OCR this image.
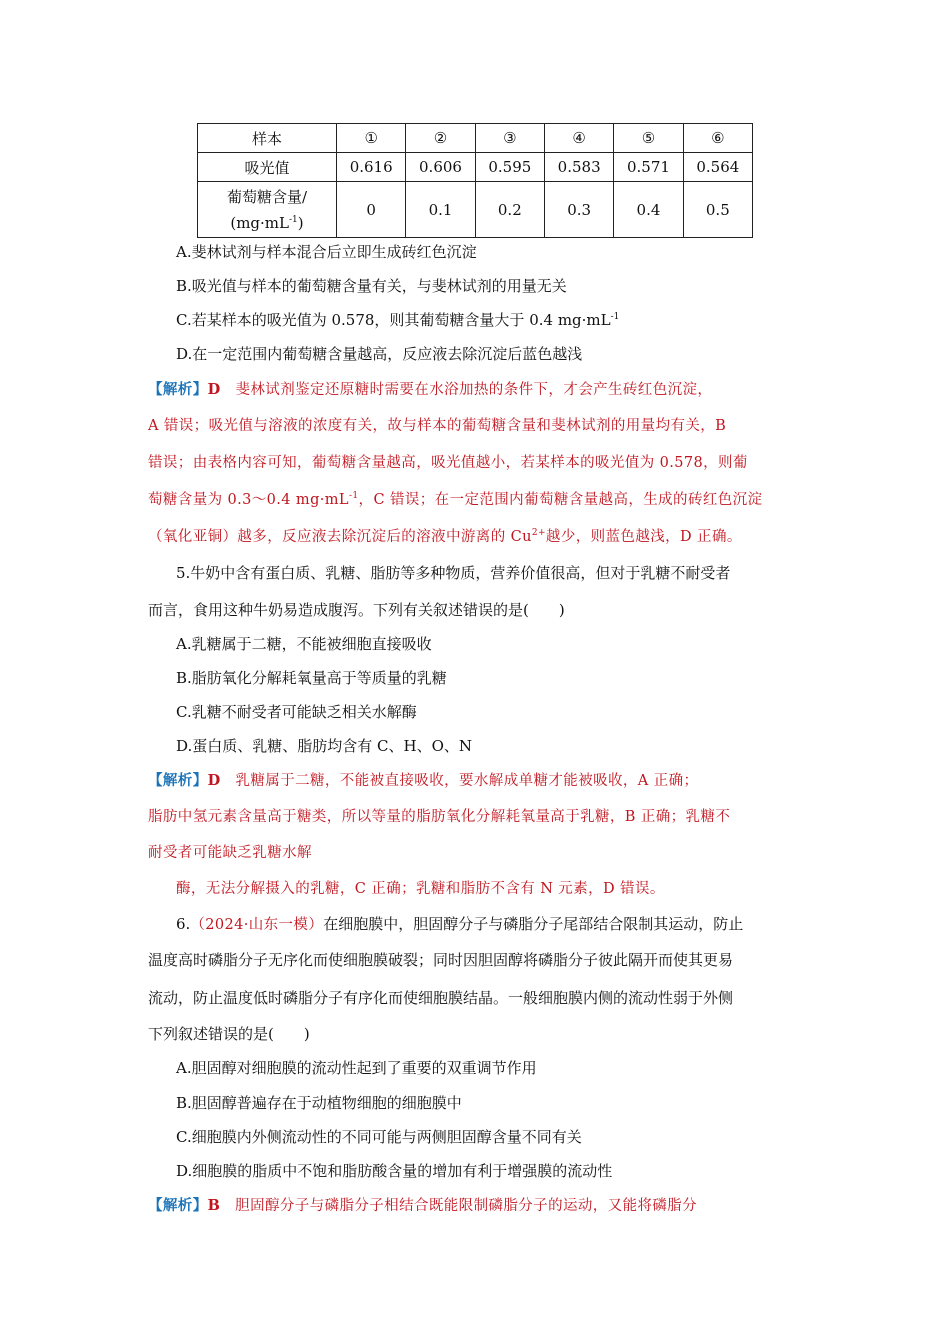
样本	①	②	③	④	⑤	⑥
吸光值	0.616	0.606	0.595	0.583	0.571	0.564

葡萄糖含量/
$(mg\cdot mL^{-1})$	0	0.1	0.2	0.3	0.4	0.5
A.斐林试剂与样本混合后立即生成砖红色沉淀
B.吸光值与样本的葡萄糖含量有关，与斐林试剂的用量无关
C.若某样本的吸光值为 0.578，则其葡萄糖含量大于 0.4 $mg\cdot mL^{-1}$
D.在一定范围内葡萄糖含量越高，反应液去除沉淀后蓝色越浅
【解析】D　 斐林试剂鉴定还原糖时需要在水浴加热的条件下，才会产生砖红色沉淀，
A 错误；吸光值与溶液的浓度有关，故与样本的葡萄糖含量和斐林试剂的用量均有关，B
错误；由表格内容可知，葡萄糖含量越高，吸光值越小，若某样本的吸光值为 0.578，则葡
萄糖含量为 0.3～0.4 $mg\cdot mL^{-1}$，C 错误；在一定范围内葡萄糖含量越高，生成的砖红色沉淀
（氧化亚铜）越多，反应液去除沉淀后的溶液中游离的 $Cu^{2+}$越少，则蓝色越浅，D 正确。
5.牛奶中含有蛋白质、乳糖、脂肪等多种物质，营养价值很高，但对于乳糖不耐受者
而言，食用这种牛奶易造成腹泻。下列有关叙述错误的是(　　)
A.乳糖属于二糖，不能被细胞直接吸收
B.脂肪氧化分解耗氧量高于等质量的乳糖
C.乳糖不耐受者可能缺乏相关水解酶
D.蛋白质、乳糖、脂肪均含有 C、H、O、N
【解析】D　 乳糖属于二糖，不能被直接吸收，要水解成单糖才能被吸收，A 正确；
脂肪中氢元素含量高于糖类，所以等量的脂肪氧化分解耗氧量高于乳糖，B 正确；乳糖不
耐受者可能缺乏乳糖水解
酶，无法分解摄入的乳糖，C 正确；乳糖和脂肪不含有 N 元素，D 错误。
6.（2024·山东一模）在细胞膜中，胆固醇分子与磷脂分子尾部结合限制其运动，防止
温度高时磷脂分子无序化而使细胞膜破裂；同时因胆固醇将磷脂分子彼此隔开而使其更易
流动，防止温度低时磷脂分子有序化而使细胞膜结晶。一般细胞膜内侧的流动性弱于外侧
下列叙述错误的是(　　)
A.胆固醇对细胞膜的流动性起到了重要的双重调节作用
B.胆固醇普遍存在于动植物细胞的细胞膜中
C.细胞膜内外侧流动性的不同可能与两侧胆固醇含量不同有关
D.细胞膜的脂质中不饱和脂肪酸含量的增加有利于增强膜的流动性
【解析】B　 胆固醇分子与磷脂分子相结合既能限制磷脂分子的运动，又能将磷脂分
